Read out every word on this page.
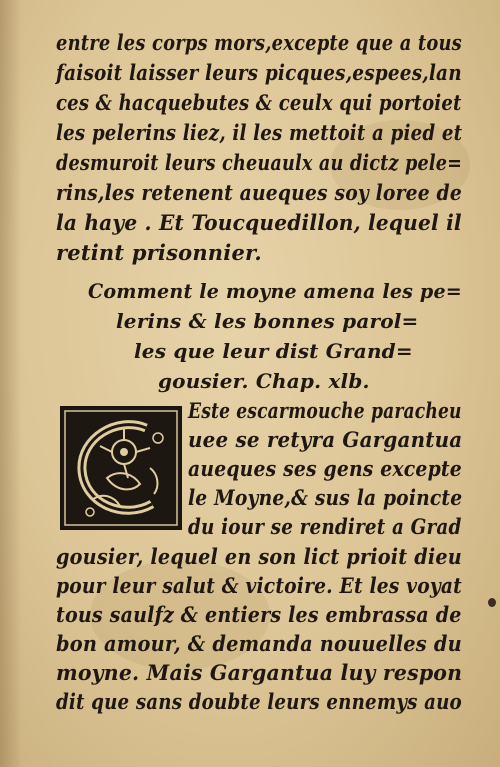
entre les corps mors,excepte que a tous
faisoit laisser leurs picques,espees,lan
ces & hacquebutes & ceulx qui portoiet
les pelerins liez, il les mettoit a pied et
desmuroit leurs cheuaulx au dictz pele=
rins,les retenent aueques soy loree de
la haye . Et Toucquedillon, lequel il
retint prisonnier.
Comment le moyne amena les pe=
lerins & les bonnes parol=
les que leur dist Grand=
gousier. Chap. xlb.
Este escarmouche paracheu
uee se retyra Gargantua
aueques ses gens excepte
le Moyne,& sus la poincte
du iour se rendiret a Grad
gousier, lequel en son lict prioit dieu
pour leur salut & victoire. Et les voyat
tous saulfz & entiers les embrassa de
bon amour, & demanda nouuelles du
moyne. Mais Gargantua luy respon
dit que sans doubte leurs ennemys auo
